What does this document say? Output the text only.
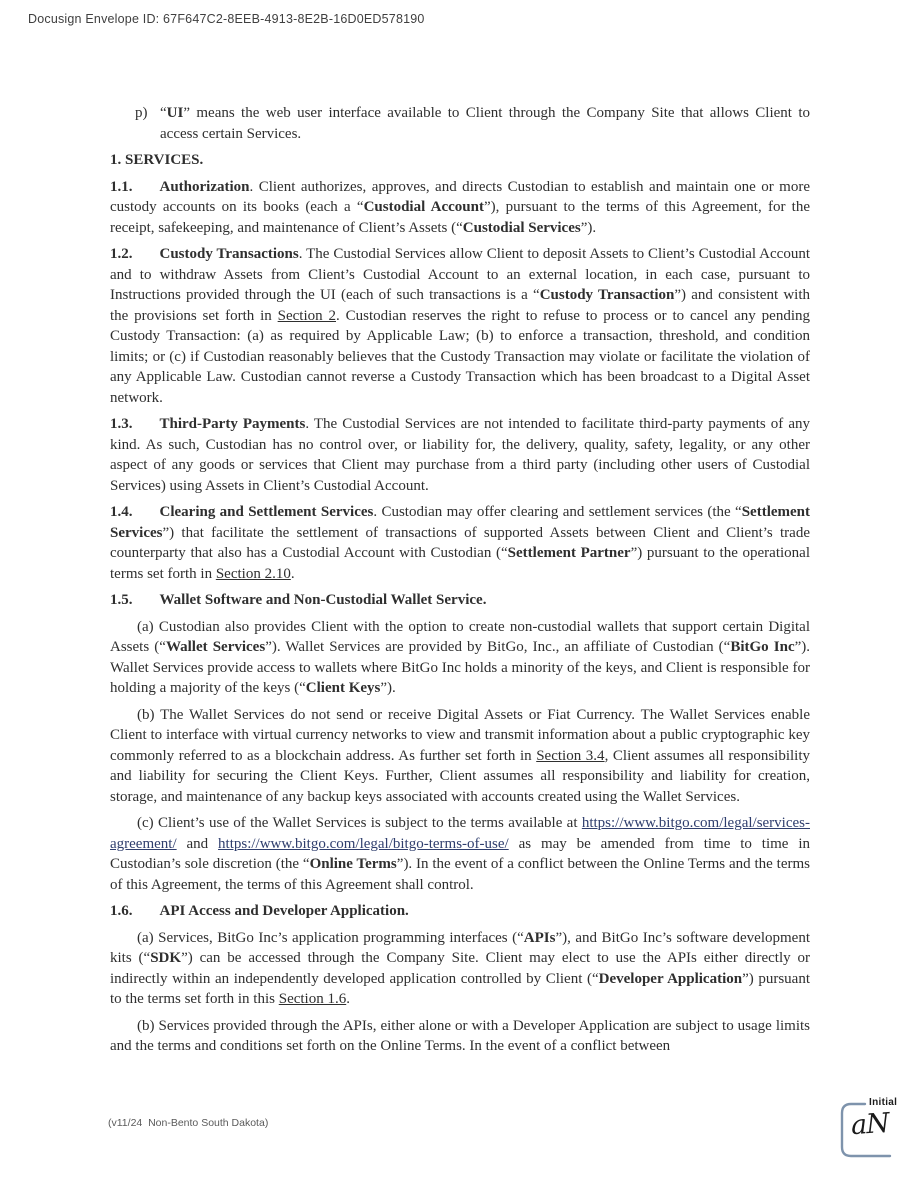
Docusign Envelope ID: 67F647C2-8EEB-4913-8E2B-16D0ED578190

p) “UI” means the web user interface available to Client through the Company Site that allows Client to access certain Services.

1. SERVICES.

1.1. Authorization. Client authorizes, approves, and directs Custodian to establish and maintain one or more custody accounts on its books (each a “Custodial Account”), pursuant to the terms of this Agreement, for the receipt, safekeeping, and maintenance of Client’s Assets (“Custodial Services”).

1.2. Custody Transactions. The Custodial Services allow Client to deposit Assets to Client’s Custodial Account and to withdraw Assets from Client’s Custodial Account to an external location, in each case, pursuant to Instructions provided through the UI (each of such transactions is a “Custody Transaction”) and consistent with the provisions set forth in Section 2. Custodian reserves the right to refuse to process or to cancel any pending Custody Transaction: (a) as required by Applicable Law; (b) to enforce a transaction, threshold, and condition limits; or (c) if Custodian reasonably believes that the Custody Transaction may violate or facilitate the violation of any Applicable Law. Custodian cannot reverse a Custody Transaction which has been broadcast to a Digital Asset network.

1.3. Third-Party Payments. The Custodial Services are not intended to facilitate third-party payments of any kind. As such, Custodian has no control over, or liability for, the delivery, quality, safety, legality, or any other aspect of any goods or services that Client may purchase from a third party (including other users of Custodial Services) using Assets in Client’s Custodial Account.

1.4. Clearing and Settlement Services. Custodian may offer clearing and settlement services (the “Settlement Services”) that facilitate the settlement of transactions of supported Assets between Client and Client’s trade counterparty that also has a Custodial Account with Custodian (“Settlement Partner”) pursuant to the operational terms set forth in Section 2.10.

1.5. Wallet Software and Non-Custodial Wallet Service.

(a) Custodian also provides Client with the option to create non-custodial wallets that support certain Digital Assets (“Wallet Services”). Wallet Services are provided by BitGo, Inc., an affiliate of Custodian (“BitGo Inc”). Wallet Services provide access to wallets where BitGo Inc holds a minority of the keys, and Client is responsible for holding a majority of the keys (“Client Keys”).

(b) The Wallet Services do not send or receive Digital Assets or Fiat Currency. The Wallet Services enable Client to interface with virtual currency networks to view and transmit information about a public cryptographic key commonly referred to as a blockchain address. As further set forth in Section 3.4, Client assumes all responsibility and liability for securing the Client Keys. Further, Client assumes all responsibility and liability for creation, storage, and maintenance of any backup keys associated with accounts created using the Wallet Services.

(c) Client’s use of the Wallet Services is subject to the terms available at https://www.bitgo.com/legal/services-agreement/ and https://www.bitgo.com/legal/bitgo-terms-of-use/ as may be amended from time to time in Custodian’s sole discretion (the “Online Terms”). In the event of a conflict between the Online Terms and the terms of this Agreement, the terms of this Agreement shall control.

1.6. API Access and Developer Application.

(a) Services, BitGo Inc’s application programming interfaces (“APIs”), and BitGo Inc’s software development kits (“SDK”) can be accessed through the Company Site. Client may elect to use the APIs either directly or indirectly within an independently developed application controlled by Client (“Developer Application”) pursuant to the terms set forth in this Section 1.6.

(b) Services provided through the APIs, either alone or with a Developer Application are subject to usage limits and the terms and conditions set forth on the Online Terms. In the event of a conflict between

(v11/24  Non-Bento South Dakota)
Initial
aN
